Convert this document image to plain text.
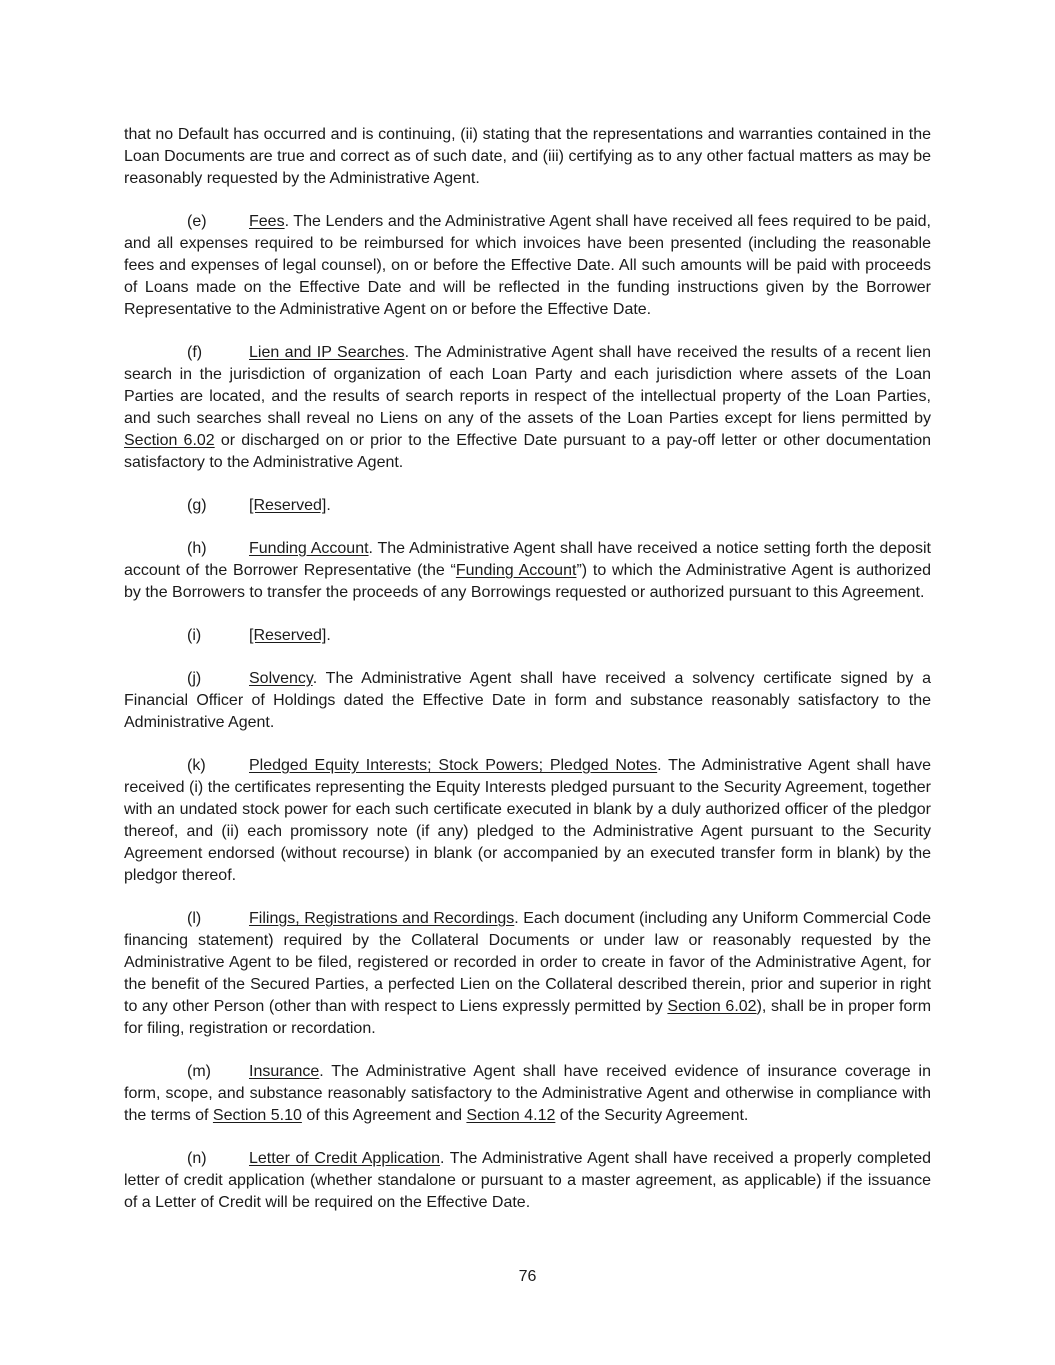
that no Default has occurred and is continuing, (ii) stating that the representations and warranties contained in the Loan Documents are true and correct as of such date, and (iii) certifying as to any other factual matters as may be reasonably requested by the Administrative Agent.

(e)	Fees. The Lenders and the Administrative Agent shall have received all fees required to be paid, and all expenses required to be reimbursed for which invoices have been presented (including the reasonable fees and expenses of legal counsel), on or before the Effective Date. All such amounts will be paid with proceeds of Loans made on the Effective Date and will be reflected in the funding instructions given by the Borrower Representative to the Administrative Agent on or before the Effective Date.

(f)	Lien and IP Searches. The Administrative Agent shall have received the results of a recent lien search in the jurisdiction of organization of each Loan Party and each jurisdiction where assets of the Loan Parties are located, and the results of search reports in respect of the intellectual property of the Loan Parties, and such searches shall reveal no Liens on any of the assets of the Loan Parties except for liens permitted by Section 6.02 or discharged on or prior to the Effective Date pursuant to a pay-off letter or other documentation satisfactory to the Administrative Agent.

(g)	[Reserved].

(h)	Funding Account. The Administrative Agent shall have received a notice setting forth the deposit account of the Borrower Representative (the “Funding Account”) to which the Administrative Agent is authorized by the Borrowers to transfer the proceeds of any Borrowings requested or authorized pursuant to this Agreement.

(i)	[Reserved].

(j)	Solvency. The Administrative Agent shall have received a solvency certificate signed by a Financial Officer of Holdings dated the Effective Date in form and substance reasonably satisfactory to the Administrative Agent.

(k)	Pledged Equity Interests; Stock Powers; Pledged Notes. The Administrative Agent shall have received (i) the certificates representing the Equity Interests pledged pursuant to the Security Agreement, together with an undated stock power for each such certificate executed in blank by a duly authorized officer of the pledgor thereof, and (ii) each promissory note (if any) pledged to the Administrative Agent pursuant to the Security Agreement endorsed (without recourse) in blank (or accompanied by an executed transfer form in blank) by the pledgor thereof.

(l)	Filings, Registrations and Recordings. Each document (including any Uniform Commercial Code financing statement) required by the Collateral Documents or under law or reasonably requested by the Administrative Agent to be filed, registered or recorded in order to create in favor of the Administrative Agent, for the benefit of the Secured Parties, a perfected Lien on the Collateral described therein, prior and superior in right to any other Person (other than with respect to Liens expressly permitted by Section 6.02), shall be in proper form for filing, registration or recordation.

(m) Insurance. The Administrative Agent shall have received evidence of insurance coverage in form, scope, and substance reasonably satisfactory to the Administrative Agent and otherwise in compliance with the terms of Section 5.10 of this Agreement and Section 4.12 of the Security Agreement.

(n)	Letter of Credit Application. The Administrative Agent shall have received a properly completed letter of credit application (whether standalone or pursuant to a master agreement, as applicable) if the issuance of a Letter of Credit will be required on the Effective Date.

76
